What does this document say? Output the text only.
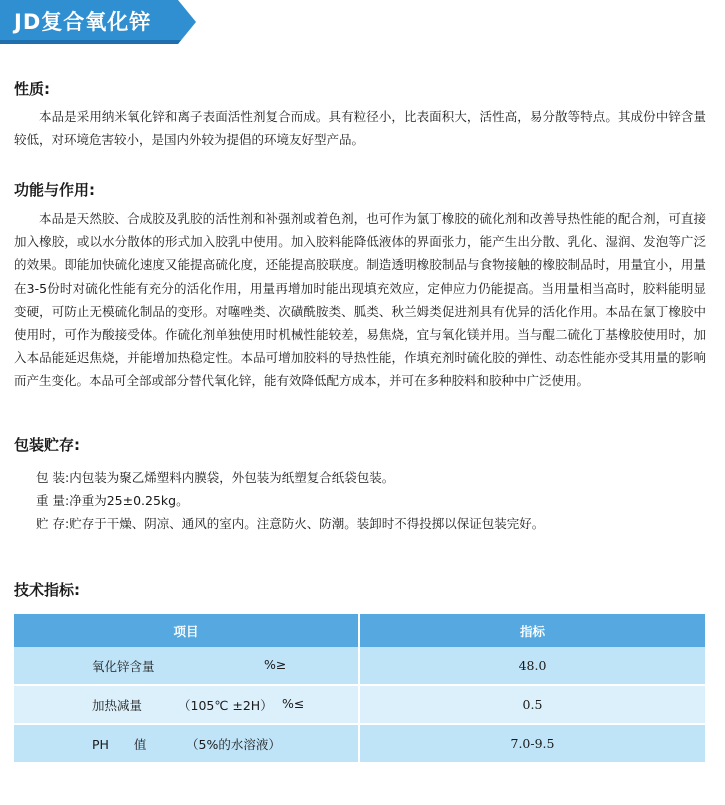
JD复合氧化锌
性质:

本品是采用纳米氧化锌和离子表面活性剂复合而成。具有粒径小，比表面积大，活性高，易分散等特点。其成份中锌含量较低，对环境危害较小，是国内外较为提倡的环境友好型产品。

功能与作用:

本品是天然胶、合成胶及乳胶的活性剂和补强剂或着色剂，也可作为氯丁橡胶的硫化剂和改善导热性能的配合剂，可直接加入橡胶，或以水分散体的形式加入胶乳中使用。加入胶料能降低液体的界面张力，能产生出分散、乳化、湿润、发泡等广泛的效果。即能加快硫化速度又能提高硫化度，还能提高胶联度。制造透明橡胶制品与食物接触的橡胶制品时，用量宜小，用量在3-5份时对硫化性能有充分的活化作用，用量再增加时能出现填充效应，定伸应力仍能提高。当用量相当高时，胶料能明显变硬，可防止无模硫化制品的变形。对噻唑类、次磺酰胺类、胍类、秋兰姆类促进剂具有优异的活化作用。本品在氯丁橡胶中使用时，可作为酸接受体。作硫化剂单独使用时机械性能较差，易焦烧，宜与氧化镁并用。当与醌二硫化丁基橡胶使用时，加入本品能延迟焦烧，并能增加热稳定性。本品可增加胶料的导热性能，作填充剂时硫化胶的弹性、动态性能亦受其用量的影响而产生变化。本品可全部或部分替代氧化锌，能有效降低配方成本，并可在多种胶料和胶种中广泛使用。

包装贮存:
包 装:内包装为聚乙烯塑料内膜袋，外包装为纸塑复合纸袋包装。
重 量:净重为25±0.25kg。
贮 存:贮存于干燥、阴凉、通风的室内。注意防火、防潮。装卸时不得投掷以保证包装完好。
技术指标:
项目	指标

氧化锌含量 %≥	48.0

加热减量 （105℃ ±2H） %≤	0.5

PH　　值 （5%的水溶液）	7.0-9.5
